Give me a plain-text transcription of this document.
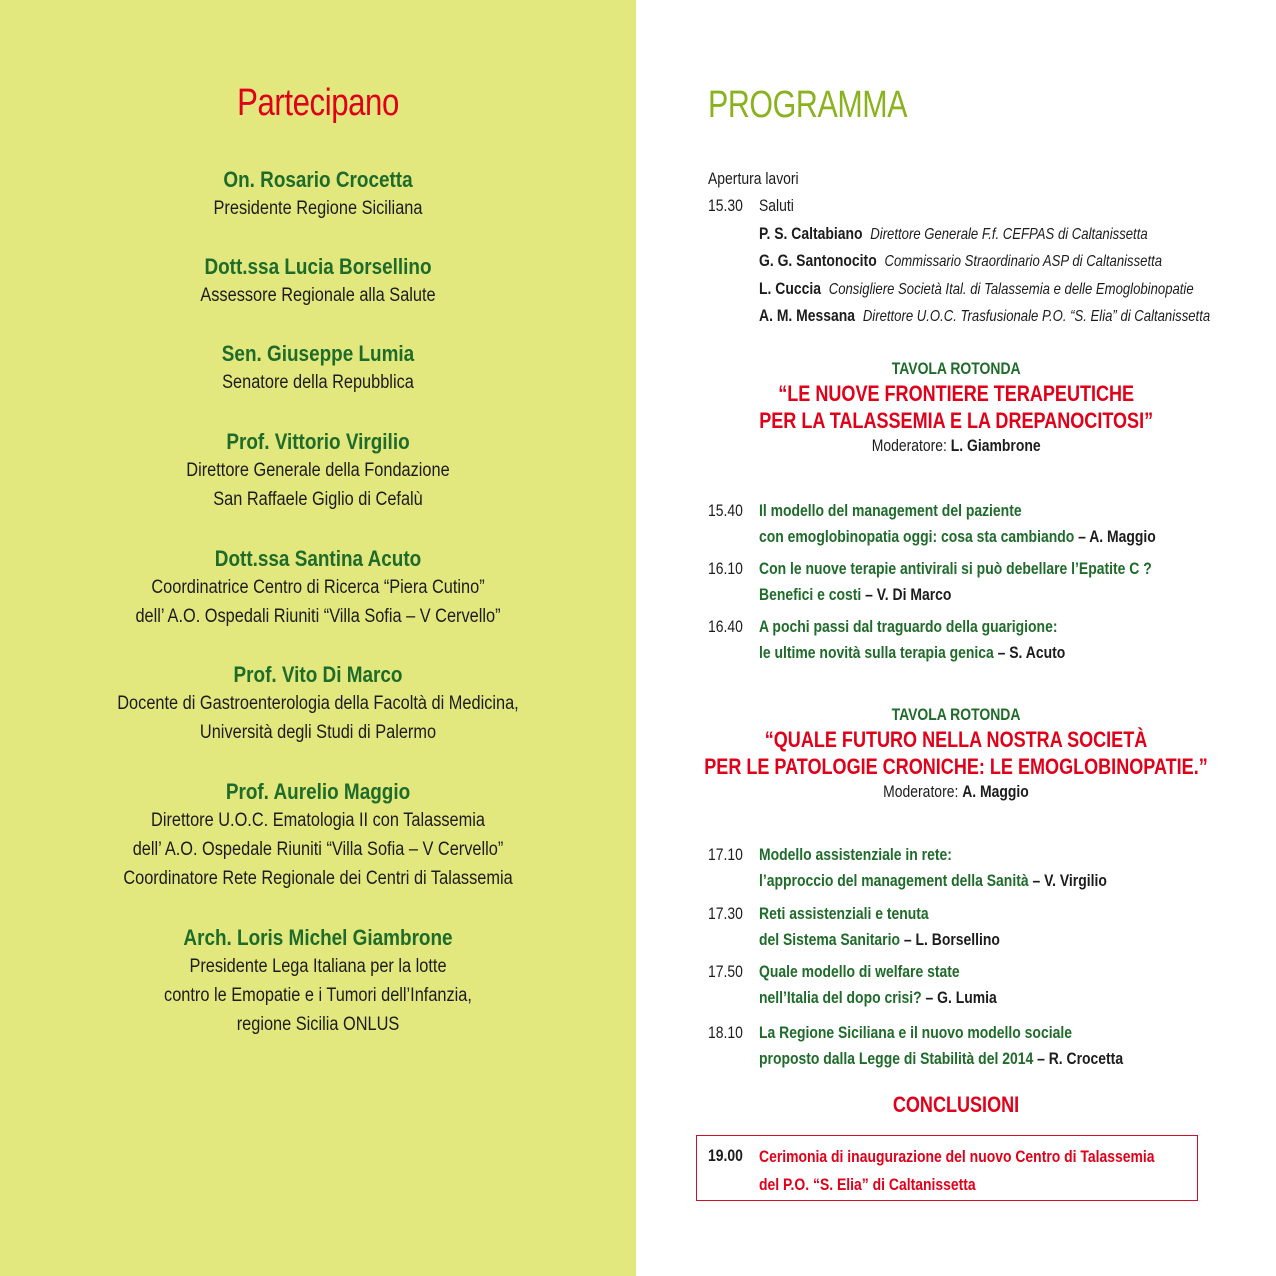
Partecipano
On. Rosario Crocetta
Presidente Regione Siciliana
Dott.ssa Lucia Borsellino
Assessore Regionale alla Salute
Sen. Giuseppe Lumia
Senatore della Repubblica
Prof. Vittorio Virgilio
Direttore Generale della Fondazione
San Raffaele Giglio di Cefalù
Dott.ssa Santina Acuto
Coordinatrice Centro di Ricerca “Piera Cutino”
dell’ A.O. Ospedali Riuniti “Villa Sofia – V Cervello”
Prof. Vito Di Marco
Docente di Gastroenterologia della Facoltà di Medicina,
Università degli Studi di Palermo
Prof. Aurelio Maggio
Direttore U.O.C. Ematologia II con Talassemia
dell’ A.O. Ospedale Riuniti “Villa Sofia – V Cervello”
Coordinatore Rete Regionale dei Centri di Talassemia
Arch. Loris Michel Giambrone
Presidente Lega Italiana per la lotte
contro le Emopatie e i Tumori dell’Infanzia,
regione Sicilia ONLUS
PROGRAMMA
Apertura lavori
15.30 Saluti
P. S. Caltabiano Direttore Generale F.f. CEFPAS di Caltanissetta
G. G. Santonocito Commissario Straordinario ASP di Caltanissetta
L. Cuccia Consigliere Società Ital. di Talassemia e delle Emoglobinopatie
A. M. Messana Direttore U.O.C. Trasfusionale P.O. “S. Elia” di Caltanissetta
TAVOLA ROTONDA
“LE NUOVE FRONTIERE TERAPEUTICHE
PER LA TALASSEMIA E LA DREPANOCITOSI”
Moderatore: L. Giambrone
15.40 Il modello del management del paziente
con emoglobinopatia oggi: cosa sta cambiando – A. Maggio
16.10 Con le nuove terapie antivirali si può debellare l’Epatite C ?
Benefici e costi – V. Di Marco
16.40 A pochi passi dal traguardo della guarigione:
le ultime novità sulla terapia genica – S. Acuto
TAVOLA ROTONDA
“QUALE FUTURO NELLA NOSTRA SOCIETÀ
PER LE PATOLOGIE CRONICHE: LE EMOGLOBINOPATIE.”
Moderatore: A. Maggio
17.10 Modello assistenziale in rete:
l’approccio del management della Sanità – V. Virgilio
17.30 Reti assistenziali e tenuta
del Sistema Sanitario – L. Borsellino
17.50 Quale modello di welfare state
nell’Italia del dopo crisi? – G. Lumia
18.10 La Regione Siciliana e il nuovo modello sociale
proposto dalla Legge di Stabilità del 2014 – R. Crocetta
CONCLUSIONI
19.00 Cerimonia di inaugurazione del nuovo Centro di Talassemia
del P.O. “S. Elia” di Caltanissetta
